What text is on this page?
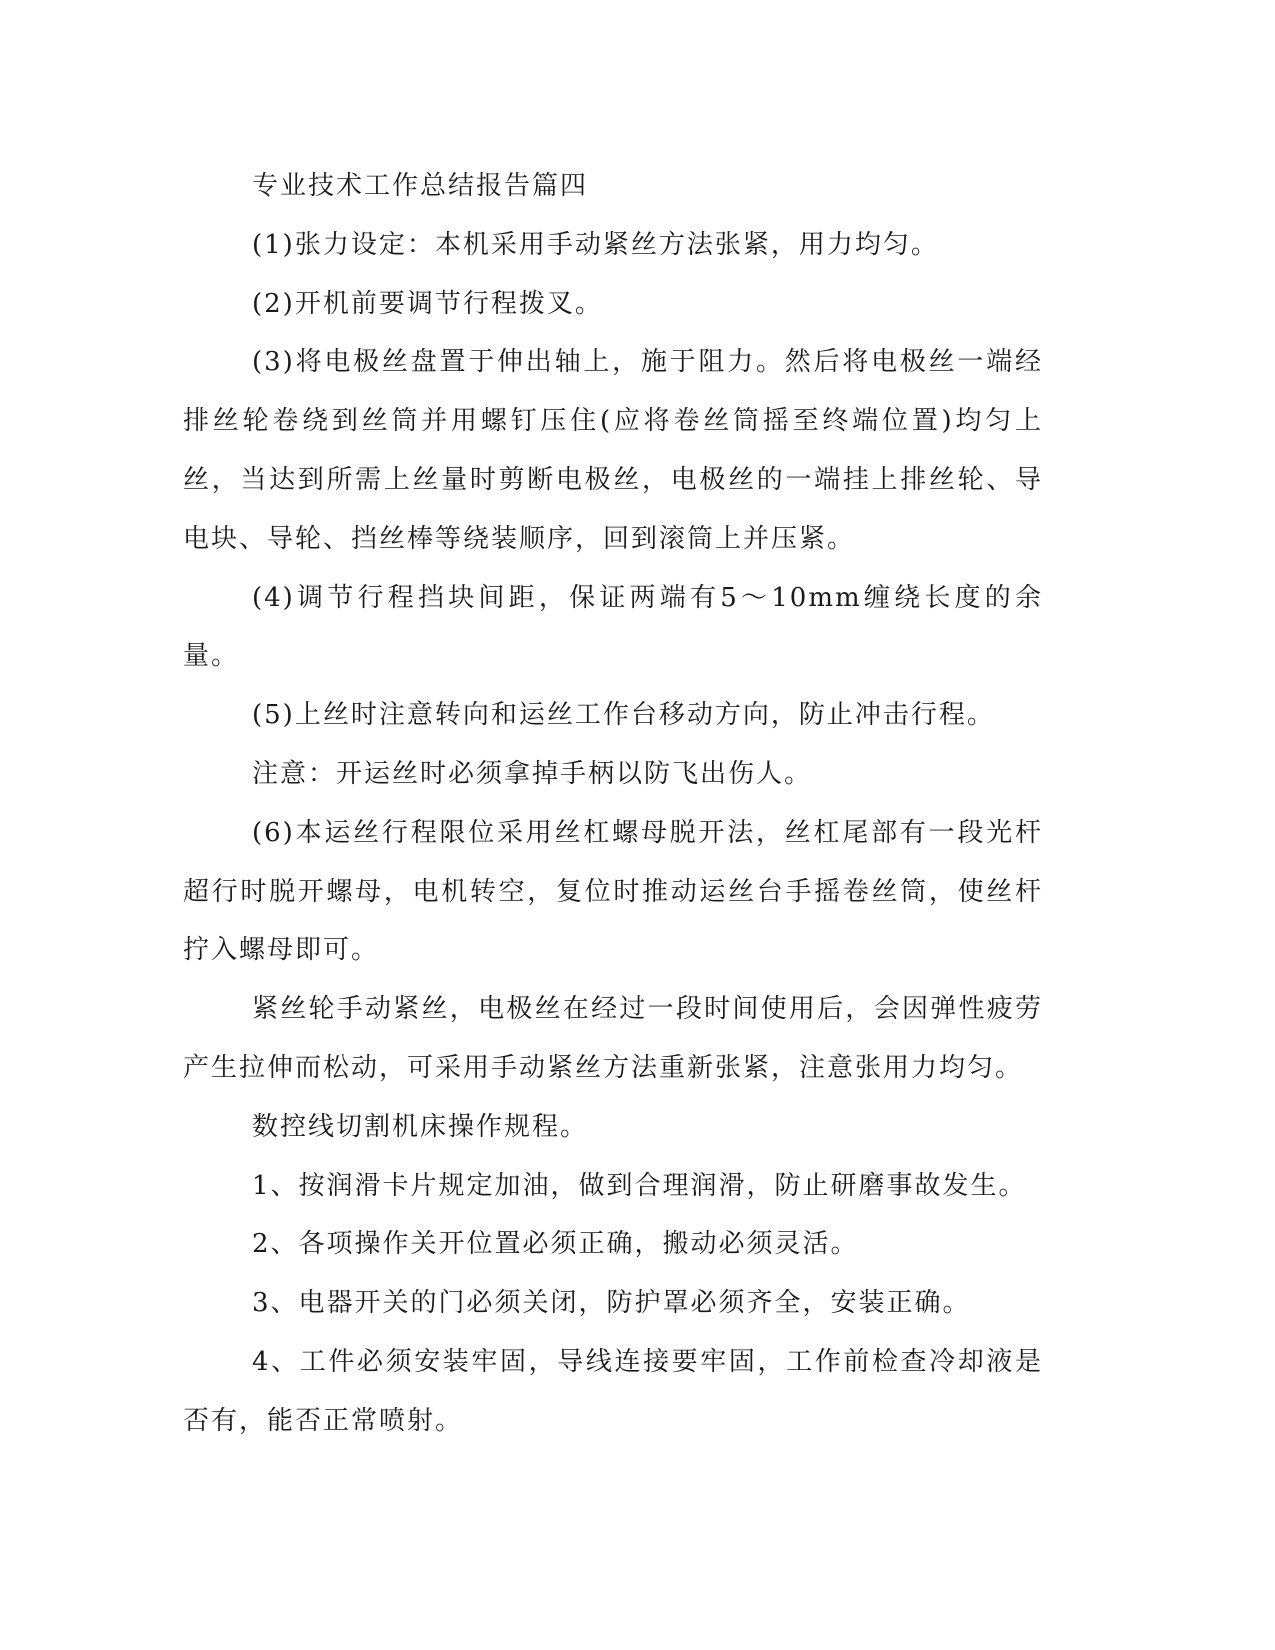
专业技术工作总结报告篇四

(1)张力设定：本机采用手动紧丝方法张紧，用力均匀。

(2)开机前要调节行程拨叉。

(3)将电极丝盘置于伸出轴上，施于阻力。然后将电极丝一端经排丝轮卷绕到丝筒并用螺钉压住(应将卷丝筒摇至终端位置)均匀上丝，当达到所需上丝量时剪断电极丝，电极丝的一端挂上排丝轮、导电块、导轮、挡丝棒等绕装顺序，回到滚筒上并压紧。

(4)调节行程挡块间距，保证两端有5～10mm缠绕长度的余量。

(5)上丝时注意转向和运丝工作台移动方向，防止冲击行程。

注意：开运丝时必须拿掉手柄以防飞出伤人。

(6)本运丝行程限位采用丝杠螺母脱开法，丝杠尾部有一段光杆超行时脱开螺母，电机转空，复位时推动运丝台手摇卷丝筒，使丝杆拧入螺母即可。

紧丝轮手动紧丝，电极丝在经过一段时间使用后，会因弹性疲劳产生拉伸而松动，可采用手动紧丝方法重新张紧，注意张用力均匀。

数控线切割机床操作规程。

1、按润滑卡片规定加油，做到合理润滑，防止研磨事故发生。

2、各项操作关开位置必须正确，搬动必须灵活。

3、电器开关的门必须关闭，防护罩必须齐全，安装正确。

4、工件必须安装牢固，导线连接要牢固，工作前检查冷却液是否有，能否正常喷射。
